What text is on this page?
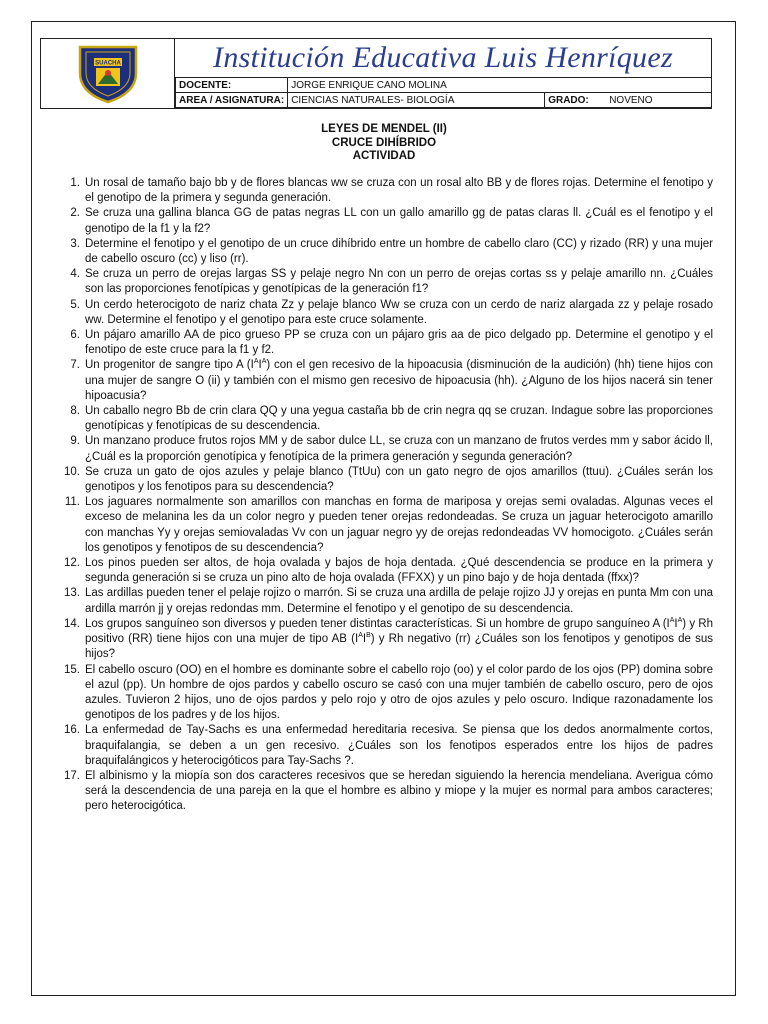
SUACHA	Institución Educativa Luis Henríquez
DOCENTE:	JORGE ENRIQUE CANO MOLINA		
AREA / ASIGNATURA:	CIENCIAS NATURALES- BIOLOGÍA	GRADO:	NOVENO
LEYES DE MENDEL (II)
CRUCE DIHÍBRIDO
ACTIVIDAD
1. Un rosal de tamaño bajo bb y de flores blancas ww se cruza con un rosal alto BB y de flores rojas. Determine el fenotipo y el genotipo de la primera y segunda generación.
2. Se cruza una gallina blanca GG de patas negras LL con un gallo amarillo gg de patas claras ll. ¿Cuál es el fenotipo y el genotipo de la f1 y la f2?
3. Determine el fenotipo y el genotipo de un cruce dihíbrido entre un hombre de cabello claro (CC) y rizado (RR) y una mujer de cabello oscuro (cc) y liso (rr).
4. Se cruza un perro de orejas largas SS y pelaje negro Nn con un perro de orejas cortas ss y pelaje amarillo nn. ¿Cuáles son las proporciones fenotípicas y genotípicas de la generación f1?
5. Un cerdo heterocigoto de nariz chata Zz y pelaje blanco Ww se cruza con un cerdo de nariz alargada zz y pelaje rosado ww. Determine el fenotipo y el genotipo para este cruce solamente.
6. Un pájaro amarillo AA de pico grueso PP se cruza con un pájaro gris aa de pico delgado pp. Determine el genotipo y el fenotipo de este cruce para la f1 y f2.
7. Un progenitor de sangre tipo A $(I^AI^A)$ con el gen recesivo de la hipoacusia (disminución de la audición) (hh) tiene hijos con una mujer de sangre O (ii) y también con el mismo gen recesivo de hipoacusia (hh). ¿Alguno de los hijos nacerá sin tener hipoacusia?
8. Un caballo negro Bb de crin clara QQ y una yegua castaña bb de crin negra qq se cruzan. Indague sobre las proporciones genotípicas y fenotípicas de su descendencia.
9. Un manzano produce frutos rojos MM y de sabor dulce LL, se cruza con un manzano de frutos verdes mm y sabor ácido ll, ¿Cuál es la proporción genotípica y fenotípica de la primera generación y segunda generación?
10. Se cruza un gato de ojos azules y pelaje blanco (TtUu) con un gato negro de ojos amarillos (ttuu). ¿Cuáles serán los genotipos y los fenotipos para su descendencia?
11. Los jaguares normalmente son amarillos con manchas en forma de mariposa y orejas semi ovaladas. Algunas veces el exceso de melanina les da un color negro y pueden tener orejas redondeadas. Se cruza un jaguar heterocigoto amarillo con manchas Yy y orejas semiovaladas Vv con un jaguar negro yy de orejas redondeadas VV homocigoto. ¿Cuáles serán los genotipos y fenotipos de su descendencia?
12. Los pinos pueden ser altos, de hoja ovalada y bajos de hoja dentada. ¿Qué descendencia se produce en la primera y segunda generación si se cruza un pino alto de hoja ovalada (FFXX) y un pino bajo y de hoja dentada (ffxx)?
13. Las ardillas pueden tener el pelaje rojizo o marrón. Si se cruza una ardilla de pelaje rojizo JJ y orejas en punta Mm con una ardilla marrón jj y orejas redondas mm. Determine el fenotipo y el genotipo de su descendencia.
14. Los grupos sanguíneo son diversos y pueden tener distintas características. Si un hombre de grupo sanguíneo A $(I^AI^A)$ y Rh positivo (RR) tiene hijos con una mujer de tipo AB $(I^AI^B)$ y Rh negativo (rr) ¿Cuáles son los fenotipos y genotipos de sus hijos?
15. El cabello oscuro (OO) en el hombre es dominante sobre el cabello rojo (oo) y el color pardo de los ojos (PP) domina sobre el azul (pp). Un hombre de ojos pardos y cabello oscuro se casó con una mujer también de cabello oscuro, pero de ojos azules. Tuvieron 2 hijos, uno de ojos pardos y pelo rojo y otro de ojos azules y pelo oscuro. Indique razonadamente los genotipos de los padres y de los hijos.
16. La enfermedad de Tay-Sachs es una enfermedad hereditaria recesiva. Se piensa que los dedos anormalmente cortos, braquifalangia, se deben a un gen recesivo. ¿Cuáles son los fenotipos esperados entre los hijos de padres braquifalángicos y heterocigóticos para Tay-Sachs ?.
17. El albinismo y la miopía son dos caracteres recesivos que se heredan siguiendo la herencia mendeliana. Averigua cómo será la descendencia de una pareja en la que el hombre es albino y miope y la mujer es normal para ambos caracteres; pero heterocigótica.
